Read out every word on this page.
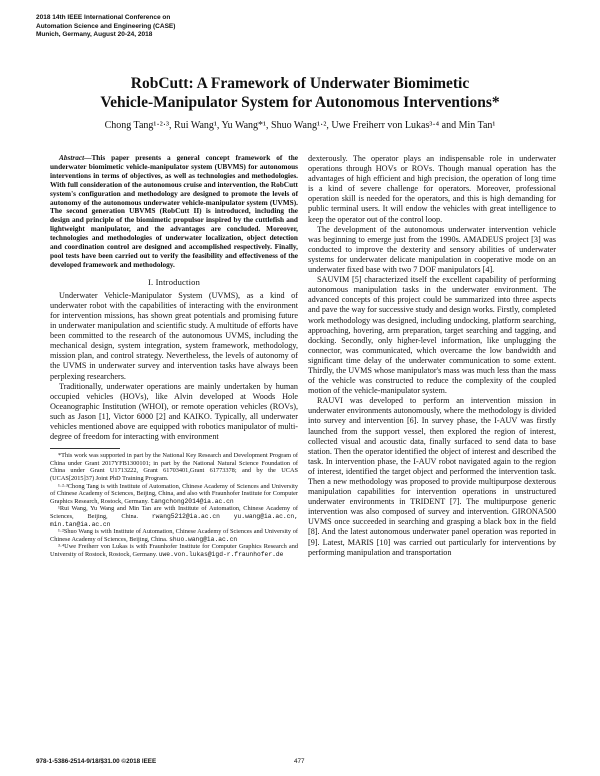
2018 14th IEEE International Conference on
Automation Science and Engineering (CASE)
Munich, Germany, August 20-24, 2018
RobCutt: A Framework of Underwater Biomimetic
Vehicle-Manipulator System for Autonomous Interventions*
Chong Tang¹·²·³, Rui Wang¹, Yu Wang*¹, Shuo Wang¹·², Uwe Freiherr von Lukas³·⁴ and Min Tan¹

Abstract—This paper presents a general concept framework of the underwater biomimetic vehicle-manipulator system (UBVMS) for autonomous interventions in terms of objectives, as well as technologies and methodologies. With full consideration of the autonomous cruise and intervention, the RobCutt system's configuration and methodology are designed to promote the levels of autonomy of the autonomous underwater vehicle-manipulator system (UVMS). The second generation UBVMS (RobCutt II) is introduced, including the design and principle of the biomimetic propulsor inspired by the cuttlefish and lightweight manipulator, and the advantages are concluded. Moreover, technologies and methodologies of underwater localization, object detection and coordination control are designed and accomplished respectively. Finally, pool tests have been carried out to verify the feasibility and effectiveness of the developed framework and methodology.

I. Introduction

Underwater Vehicle-Manipulator System (UVMS), as a kind of underwater robot with the capabilities of interacting with the environment for intervention missions, has shown great potentials and promising future in underwater manipulation and scientific study. A multitude of efforts have been committed to the research of the autonomous UVMS, including the mechanical design, system integration, system framework, methodology, mission plan, and control strategy. Nevertheless, the levels of autonomy of the UVMS in underwater survey and intervention tasks have always been perplexing researchers.

Traditionally, underwater operations are mainly undertaken by human occupied vehicles (HOVs), like Alvin developed at Woods Hole Oceanographic Institution (WHOI), or remote operation vehicles (ROVs), such as Jason [1], Victor 6000 [2] and KAIKO. Typically, all underwater vehicles mentioned above are equipped with robotics manipulator of multi-degree of freedom for interacting with environment

*This work was supported in part by the National Key Research and Development Program of China under Grant 2017YFB1300101; in part by the National Natural Science Foundation of China under Grant U1713222, Grant 61703401,Grant 61773378; and by the UCAS (UCAS[2015]37) Joint PhD Training Program.

¹·²·³Chong Tang is with Institute of Automation, Chinese Academy of Sciences and University of Chinese Academy of Sciences, Beijing, China, and also with Fraunhofer Institute for Computer Graphics Research, Rostock, Germany. tangchong2014@ia.ac.cn

¹Rui Wang, Yu Wang and Min Tan are with Institute of Automation, Chinese Academy of Sciences, Beijing, China. rwang5212@ia.ac.cn yu.wang@ia.ac.cn, min.tan@ia.ac.cn

¹·²Shuo Wang is with Institute of Automation, Chinese Academy of Sciences and University of Chinese Academy of Sciences, Beijing, China. shuo.wang@ia.ac.cn

³·⁴Uwe Freiherr von Lukas is with Fraunhofer Institute for Computer Graphics Research and University of Rostock, Rostock, Germany. uwe.von.lukas@igd-r.fraunhofer.de

dexterously. The operator plays an indispensable role in underwater operations through HOVs or ROVs. Though manual operation has the advantages of high efficient and high precision, the operation of long time is a kind of severe challenge for operators. Moreover, professional operation skill is needed for the operators, and this is high demanding for public terminal users. It will endow the vehicles with great intelligence to keep the operator out of the control loop.

The development of the autonomous underwater intervention vehicle was beginning to emerge just from the 1990s. AMADEUS project [3] was conducted to improve the dexterity and sensory abilities of underwater systems for underwater delicate manipulation in cooperative mode on an underwater fixed base with two 7 DOF manipulators [4].

SAUVIM [5] characterized itself the excellent capability of performing autonomous manipulation tasks in the underwater environment. The advanced concepts of this project could be summarized into three aspects and pave the way for successive study and design works. Firstly, completed work methodology was designed, including undocking, platform searching, approaching, hovering, arm preparation, target searching and tagging, and docking. Secondly, only higher-level information, like unplugging the connector, was communicated, which overcame the low bandwidth and significant time delay of the underwater communication to some extent. Thirdly, the UVMS whose manipulator's mass was much less than the mass of the vehicle was constructed to reduce the complexity of the coupled motion of the vehicle-manipulator system.

RAUVI was developed to perform an intervention mission in underwater environments autonomously, where the methodology is divided into survey and intervention [6]. In survey phase, the I-AUV was firstly launched from the support vessel, then explored the region of interest, collected visual and acoustic data, finally surfaced to send data to base station. Then the operator identified the object of interest and described the task. In intervention phase, the I-AUV robot navigated again to the region of interest, identified the target object and performed the intervention task. Then a new methodology was proposed to provide multipurpose dexterous manipulation capabilities for intervention operations in unstructured underwater environments in TRIDENT [7]. The multipurpose generic intervention was also composed of survey and intervention. GIRONA500 UVMS once succeeded in searching and grasping a black box in the field [8]. And the latest autonomous underwater panel operation was reported in [9]. Latest, MARIS [10] was carried out particularly for interventions by performing manipulation and transportation

978-1-5386-2514-9/18/$31.00 ©2018 IEEE	477
